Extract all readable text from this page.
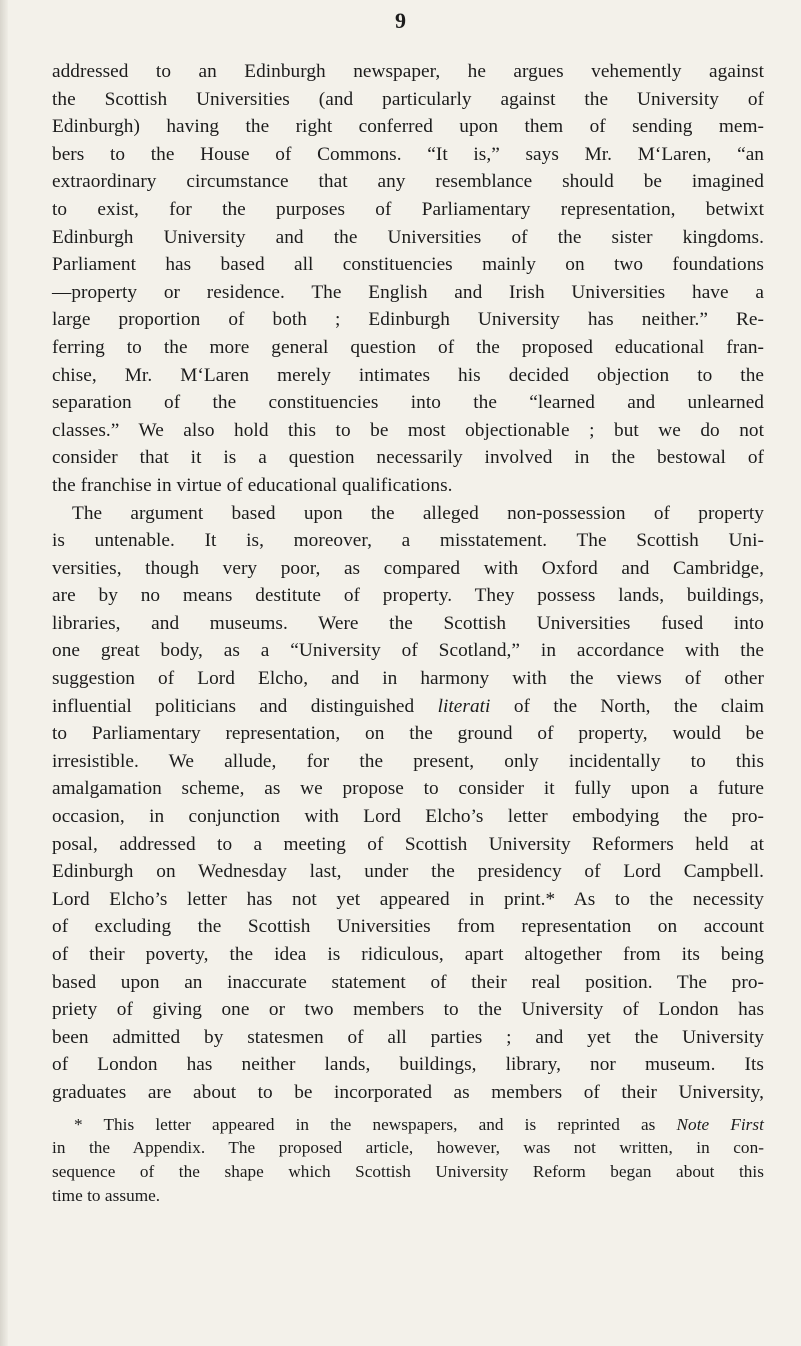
9
addressed to an Edinburgh newspaper, he argues vehemently against
the Scottish Universities (and particularly against the University of
Edinburgh) having the right conferred upon them of sending mem-
bers to the House of Commons. “It is,” says Mr. M‘Laren, “an
extraordinary circumstance that any resemblance should be imagined
to exist, for the purposes of Parliamentary representation, betwixt
Edinburgh University and the Universities of the sister kingdoms.
Parliament has based all constituencies mainly on two foundations
—property or residence. The English and Irish Universities have a
large proportion of both ; Edinburgh University has neither.” Re-
ferring to the more general question of the proposed educational fran-
chise, Mr. M‘Laren merely intimates his decided objection to the
separation of the constituencies into the “learned and unlearned
classes.” We also hold this to be most objectionable ; but we do not
consider that it is a question necessarily involved in the bestowal of
the franchise in virtue of educational qualifications.
The argument based upon the alleged non-possession of property
is untenable. It is, moreover, a misstatement. The Scottish Uni-
versities, though very poor, as compared with Oxford and Cambridge,
are by no means destitute of property. They possess lands, buildings,
libraries, and museums. Were the Scottish Universities fused into
one great body, as a “University of Scotland,” in accordance with the
suggestion of Lord Elcho, and in harmony with the views of other
influential politicians and distinguished literati of the North, the claim
to Parliamentary representation, on the ground of property, would be
irresistible. We allude, for the present, only incidentally to this
amalgamation scheme, as we propose to consider it fully upon a future
occasion, in conjunction with Lord Elcho’s letter embodying the pro-
posal, addressed to a meeting of Scottish University Reformers held at
Edinburgh on Wednesday last, under the presidency of Lord Campbell.
Lord Elcho’s letter has not yet appeared in print.* As to the necessity
of excluding the Scottish Universities from representation on account
of their poverty, the idea is ridiculous, apart altogether from its being
based upon an inaccurate statement of their real position. The pro-
priety of giving one or two members to the University of London has
been admitted by statesmen of all parties ; and yet the University
of London has neither lands, buildings, library, nor museum. Its
graduates are about to be incorporated as members of their University,
* This letter appeared in the newspapers, and is reprinted as Note First
in the Appendix. The proposed article, however, was not written, in con-
sequence of the shape which Scottish University Reform began about this
time to assume.
